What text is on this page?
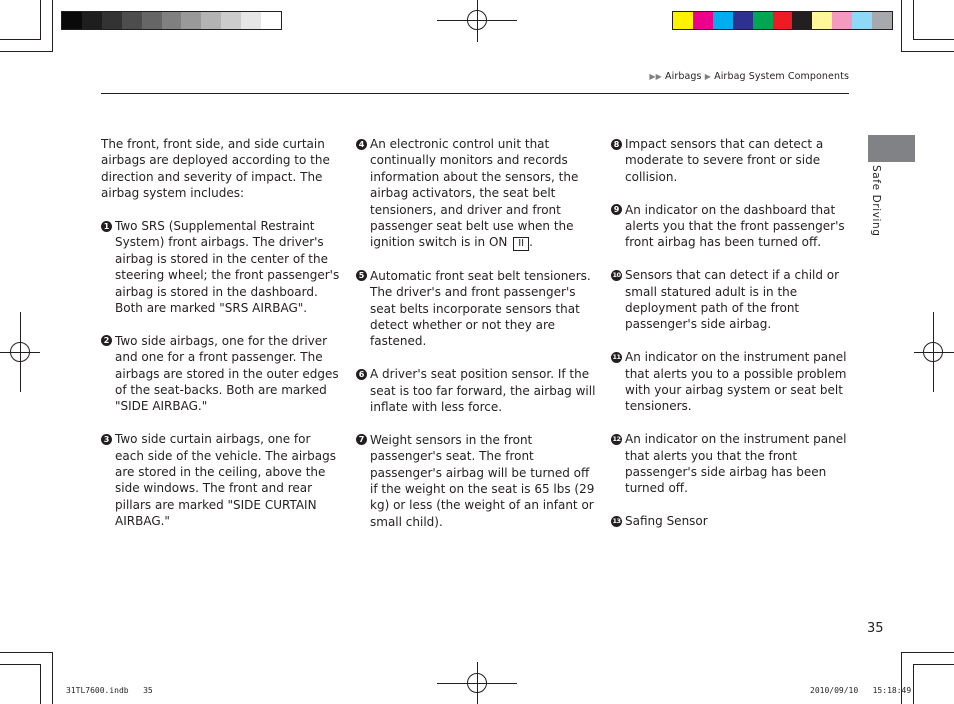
▶▶ Airbags ▶ Airbag System Components
Safe Driving

The front, front side, and side curtain airbags are deployed according to the direction and severity of impact. The airbag system includes:

1 Two SRS (Supplemental Restraint System) front airbags. The driver's airbag is stored in the center of the steering wheel; the front passenger's airbag is stored in the dashboard. Both are marked "SRS AIRBAG".
2 Two side airbags, one for the driver and one for a front passenger. The airbags are stored in the outer edges of the seat-backs. Both are marked "SIDE AIRBAG."
3 Two side curtain airbags, one for each side of the vehicle. The airbags are stored in the ceiling, above the side windows. The front and rear pillars are marked "SIDE CURTAIN AIRBAG."
4 An electronic control unit that continually monitors and records information about the sensors, the airbag activators, the seat belt tensioners, and driver and front passenger seat belt use when the ignition switch is in ON II .
5 Automatic front seat belt tensioners. The driver's and front passenger's seat belts incorporate sensors that detect whether or not they are fastened.
6 A driver's seat position sensor. If the seat is too far forward, the airbag will inflate with less force.
7 Weight sensors in the front passenger's seat. The front passenger's airbag will be turned off if the weight on the seat is 65 lbs (29 kg) or less (the weight of an infant or small child).
8 Impact sensors that can detect a moderate to severe front or side collision.
9 An indicator on the dashboard that alerts you that the front passenger's front airbag has been turned off.
10 Sensors that can detect if a child or small statured adult is in the deployment path of the front passenger's side airbag.
11 An indicator on the instrument panel that alerts you to a possible problem with your airbag system or seat belt tensioners.
12 An indicator on the instrument panel that alerts you that the front passenger's side airbag has been turned off.
13 Safing Sensor
35
31TL7600.indb   35	2010/09/10   15:18:49
